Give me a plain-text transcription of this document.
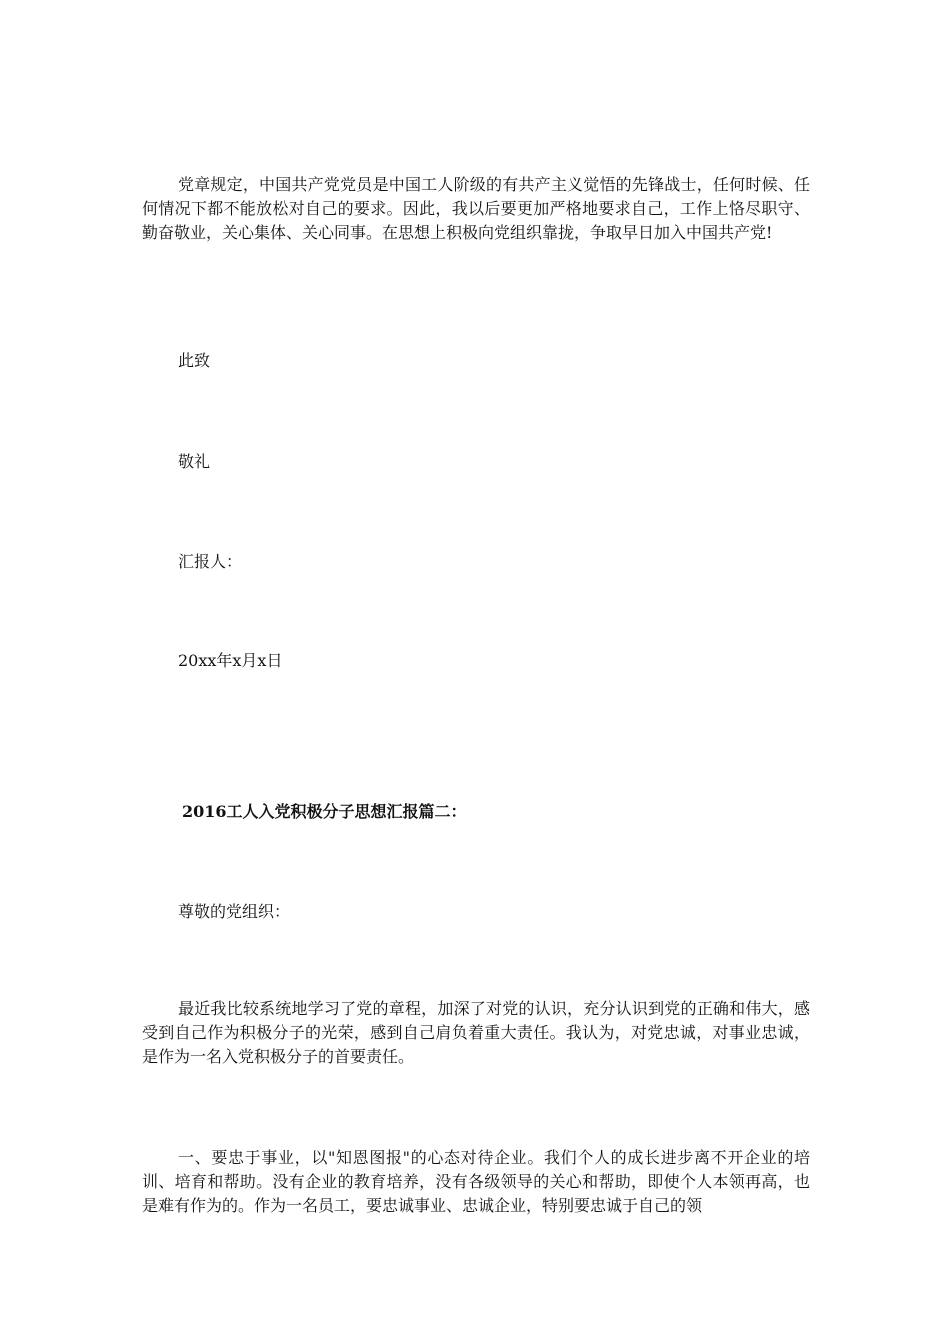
党章规定，中国共产党党员是中国工人阶级的有共产主义觉悟的先锋战士，任何时候、任何情况下都不能放松对自己的要求。因此，我以后要更加严格地要求自己，工作上恪尽职守、勤奋敬业，关心集体、关心同事。在思想上积极向党组织靠拢，争取早日加入中国共产党!

此致

敬礼

汇报人：

20xx年x月x日

2016工人入党积极分子思想汇报篇二：

尊敬的党组织：

最近我比较系统地学习了党的章程，加深了对党的认识，充分认识到党的正确和伟大，感受到自己作为积极分子的光荣，感到自己肩负着重大责任。我认为，对党忠诚，对事业忠诚，是作为一名入党积极分子的首要责任。

一、要忠于事业，以"知恩图报"的心态对待企业。我们个人的成长进步离不开企业的培训、培育和帮助。没有企业的教育培养，没有各级领导的关心和帮助，即使个人本领再高，也是难有作为的。作为一名员工，要忠诚事业、忠诚企业，特别要忠诚于自己的领
